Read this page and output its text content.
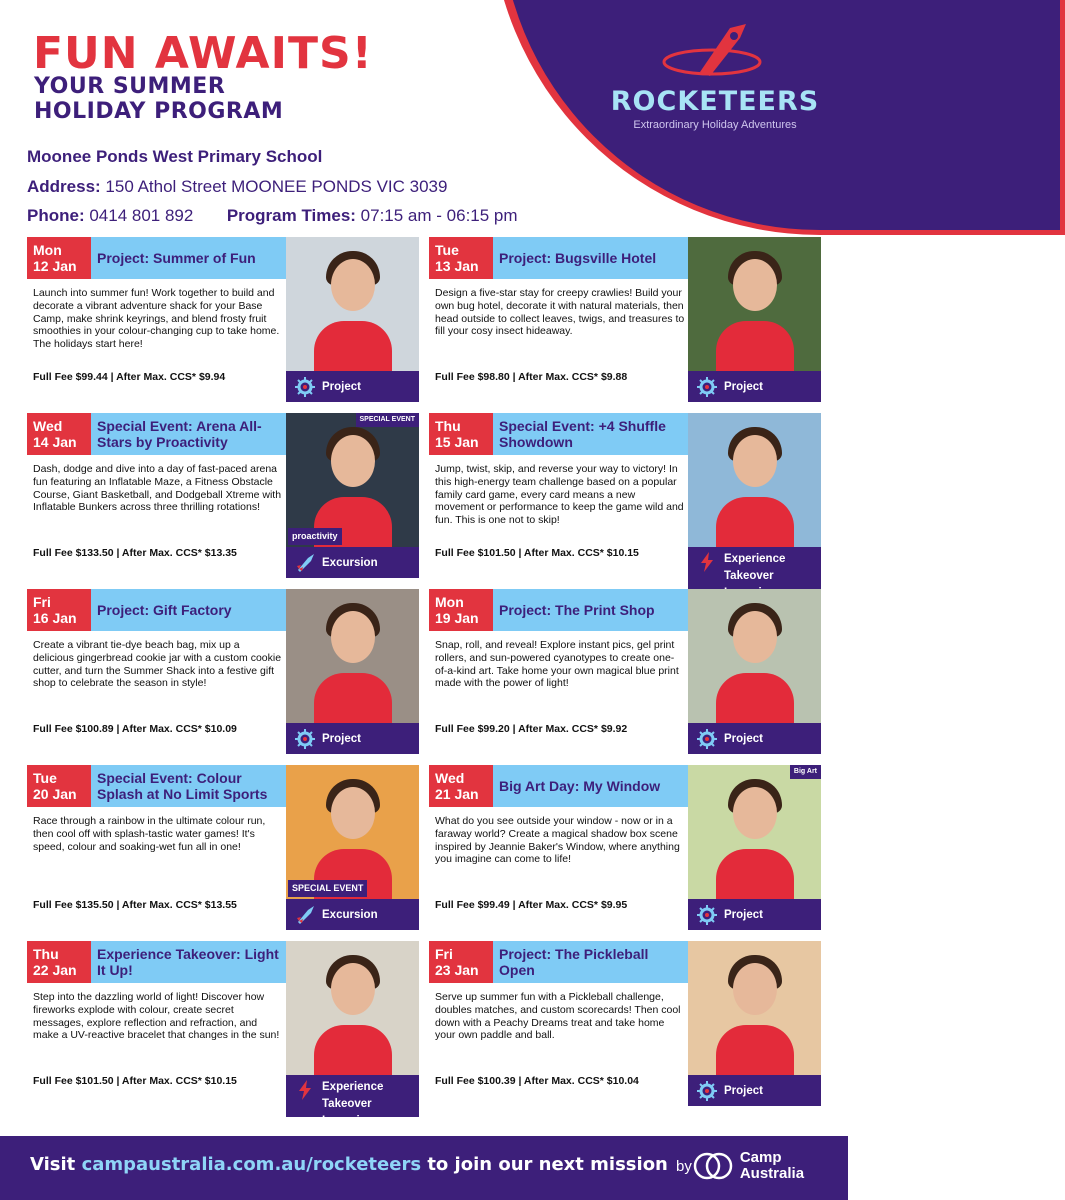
FUN AWAITS!
YOUR SUMMER
HOLIDAY PROGRAM	ROCKETEERS
Extraordinary Holiday Adventures
Moonee Ponds West Primary School
Address: 150 Athol Street MOONEE PONDS VIC 3039
Phone: 0414 801 892 Program Times: 07:15 am - 06:15 pm
Mon
12 Jan	Project: Summer of Fun
Launch into summer fun! Work together to build and decorate a vibrant adventure shack for your Base Camp, make shrink keyrings, and blend frosty fruit smoothies in your colour-changing cup to take home. The holidays start here!
Full Fee $99.44 | After Max. CCS* $9.94
Project
Tue
13 Jan	Project: Bugsville Hotel
Design a five-star stay for creepy crawlies! Build your own bug hotel, decorate it with natural materials, then head outside to collect leaves, twigs, and treasures to fill your cosy insect hideaway.
Full Fee $98.80 | After Max. CCS* $9.88
Project
Wed
14 Jan
Special Event: Arena All-Stars by Proactivity
Dash, dodge and dive into a day of fast-paced arena fun featuring an Inflatable Maze, a Fitness Obstacle Course, Giant Basketball, and Dodgeball Xtreme with Inflatable Bunkers across three thrilling rotations!
Full Fee $133.50 | After Max. CCS* $13.35
SPECIAL EVENT
proactivity
Excursion
Thu
15 Jan
Special Event: +4 Shuffle Showdown
Jump, twist, skip, and reverse your way to victory! In this high-energy team challenge based on a popular family card game, every card means a new movement or performance to keep the game wild and fun. This is one not to skip!
Full Fee $101.50 | After Max. CCS* $10.15	Experience Takeover
Fri
16 Jan	Project: Gift Factory
Create a vibrant tie-dye beach bag, mix up a delicious gingerbread cookie jar with a custom cookie cutter, and turn the Summer Shack into a festive gift shop to celebrate the season in style!
Full Fee $100.89 | After Max. CCS* $10.09
Project
Mon
19 Jan	Project: The Print Shop
Snap, roll, and reveal! Explore instant pics, gel print rollers, and sun-powered cyanotypes to create one-of-a-kind art. Take home your own magical blue print made with the power of light!
Full Fee $99.20 | After Max. CCS* $9.92
Project
Tue
20 Jan
Special Event: Colour Splash at No Limit Sports
Race through a rainbow in the ultimate colour run, then cool off with splash-tastic water games! It's speed, colour and soaking-wet fun all in one!
Full Fee $135.50 | After Max. CCS* $13.55
SPECIAL EVENT
Excursion
Wed
21 Jan	Big Art Day: My Window
What do you see outside your window - now or in a faraway world? Create a magical shadow box scene inspired by Jeannie Baker's Window, where anything you imagine can come to life!
Full Fee $99.49 | After Max. CCS* $9.95
Big Art
Project
Thu
22 Jan
Experience Takeover: Light It Up!
Step into the dazzling world of light! Discover how fireworks explode with colour, create secret messages, explore reflection and refraction, and make a UV-reactive bracelet that changes in the sun!
Full Fee $101.50 | After Max. CCS* $10.15	Experience Takeover Incursion
Fri
23 Jan
Project: The Pickleball Open
Serve up summer fun with a Pickleball challenge, doubles matches, and custom scorecards! Then cool down with a Peachy Dreams treat and take home your own paddle and ball.
Full Fee $100.39 | After Max. CCS* $10.04
Project
Visit campaustralia.com.au/rocketeers to join our next mission by	Camp Australia
